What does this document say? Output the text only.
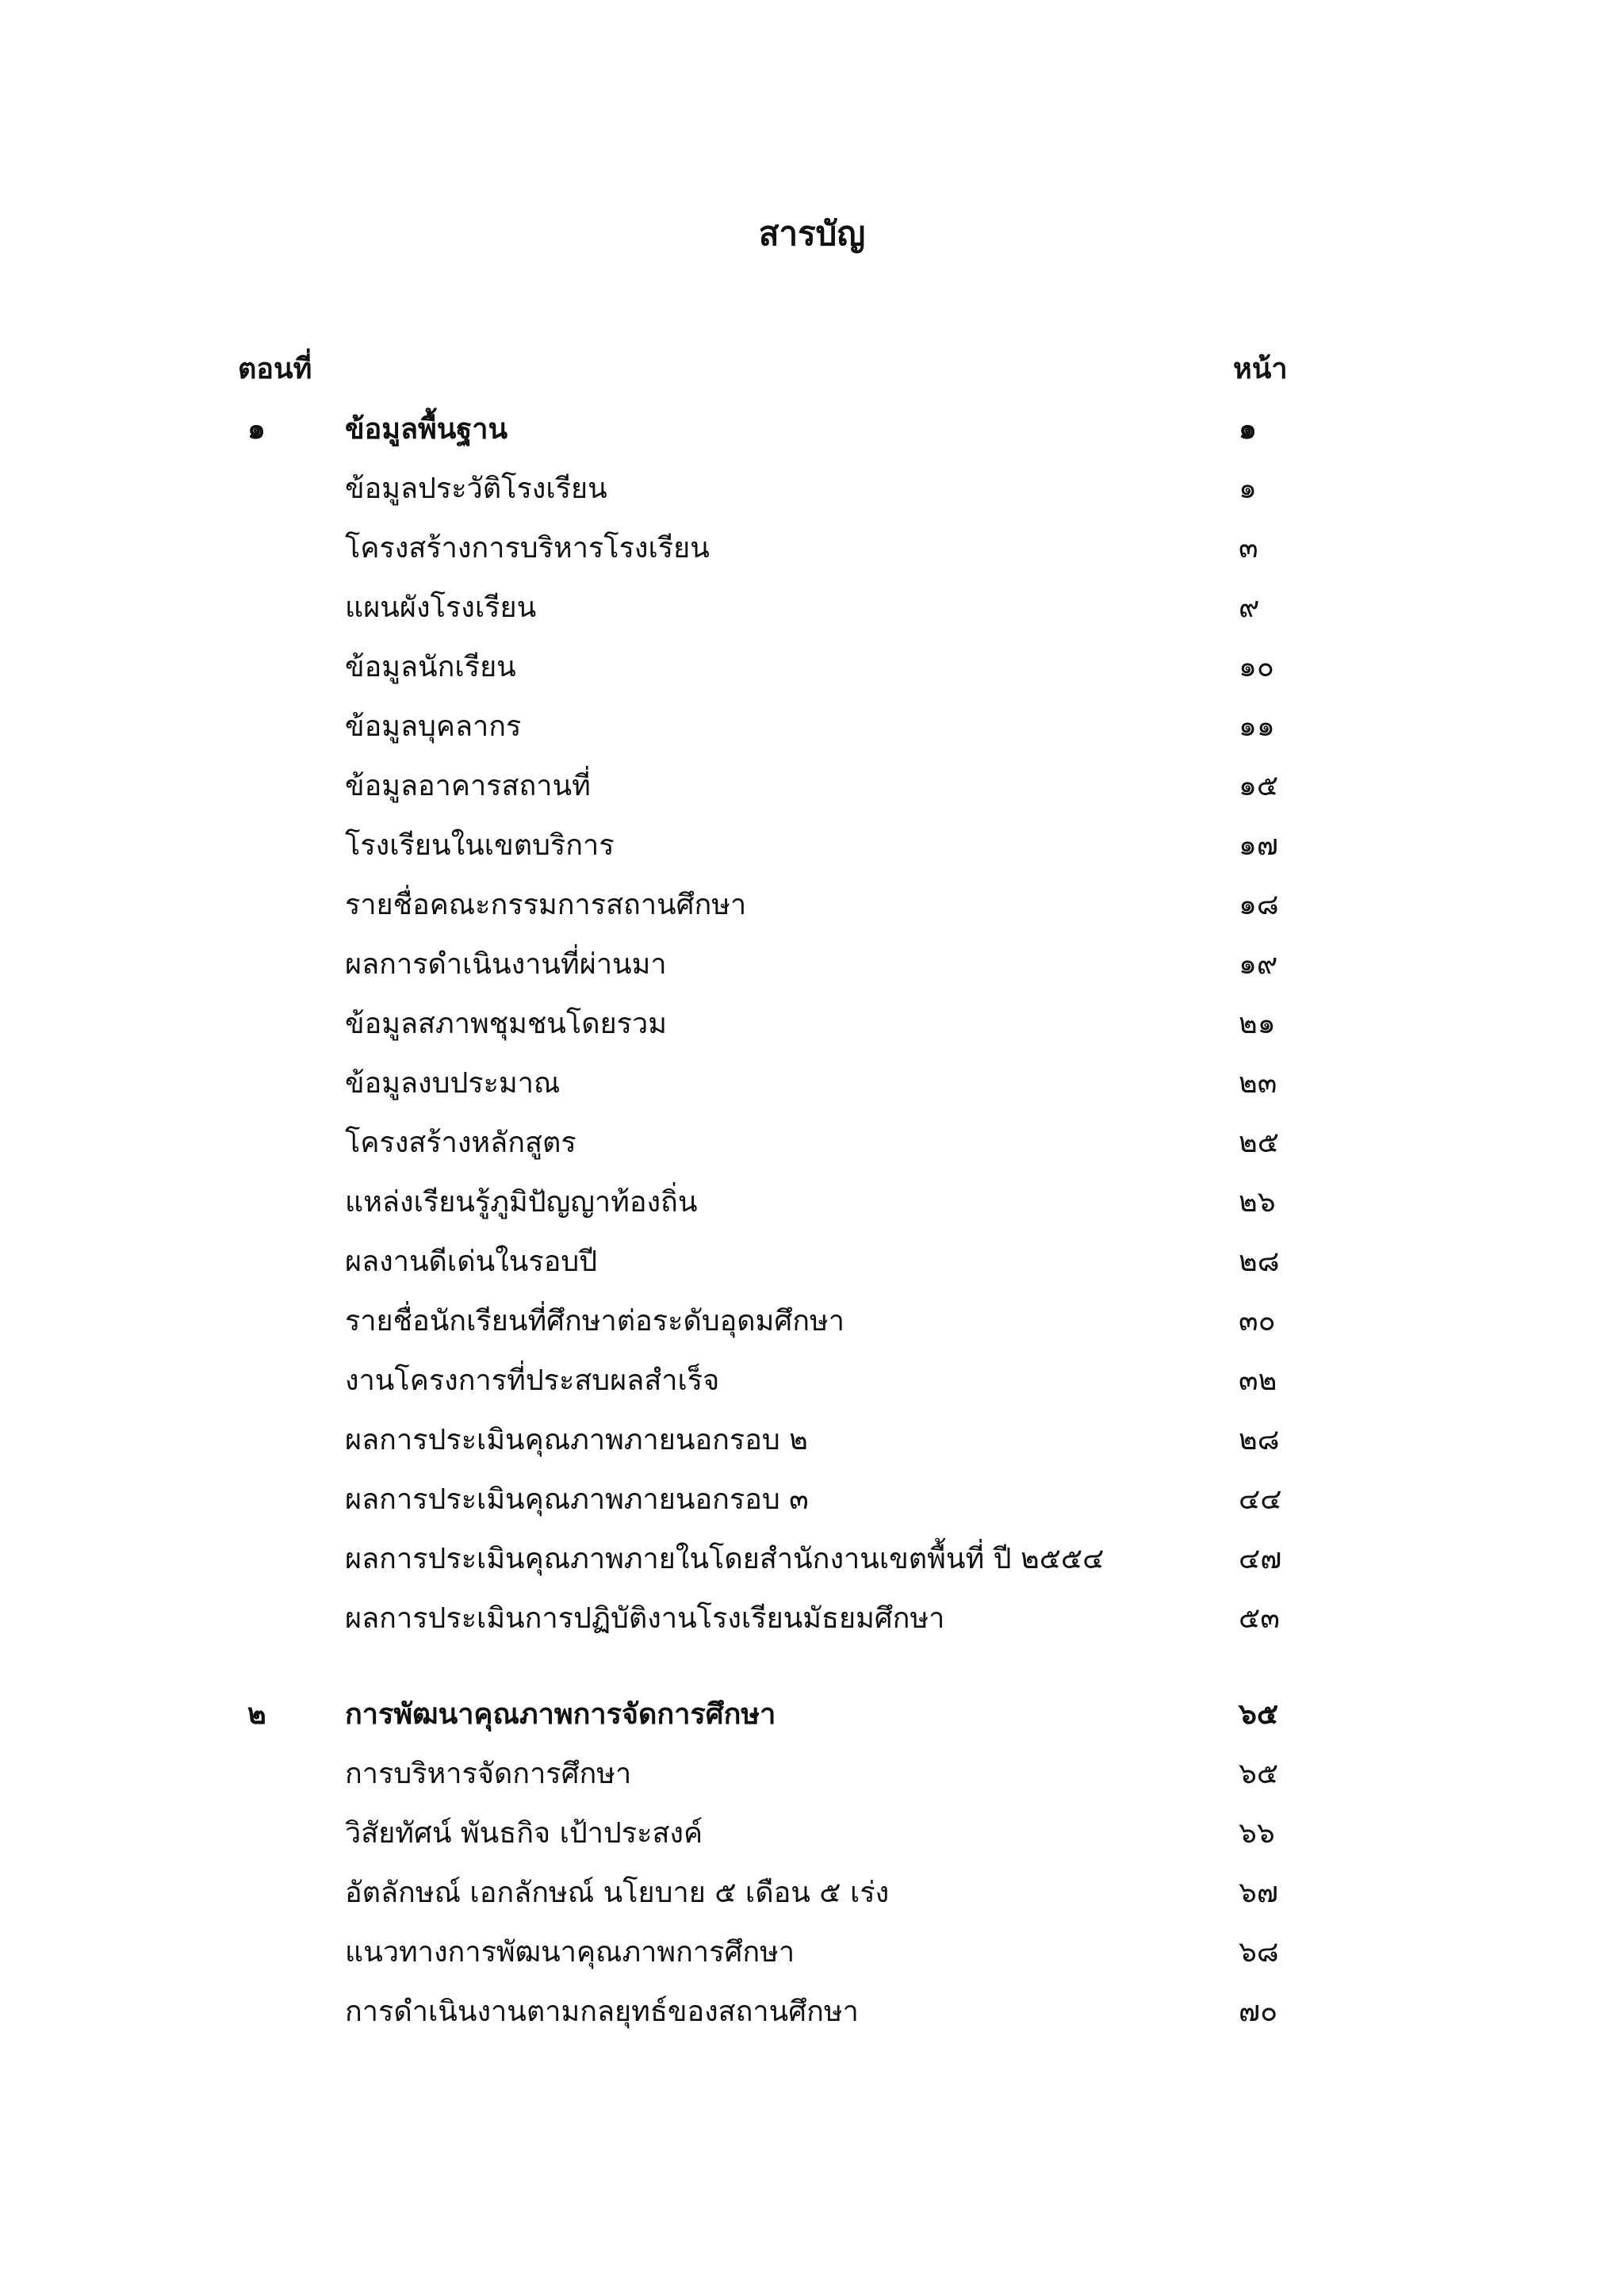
สารบัญ
ตอนที่	หน้า
๑	ข้อมูลพื้นฐาน	๑
ข้อมูลประวัติโรงเรียน	๑
โครงสร้างการบริหารโรงเรียน	๓
แผนผังโรงเรียน	๙
ข้อมูลนักเรียน	๑๐
ข้อมูลบุคลากร	๑๑
ข้อมูลอาคารสถานที่	๑๕
โรงเรียนในเขตบริการ	๑๗
รายชื่อคณะกรรมการสถานศึกษา	๑๘
ผลการดำเนินงานที่ผ่านมา	๑๙
ข้อมูลสภาพชุมชนโดยรวม	๒๑
ข้อมูลงบประมาณ	๒๓
โครงสร้างหลักสูตร	๒๕
แหล่งเรียนรู้ภูมิปัญญาท้องถิ่น	๒๖
ผลงานดีเด่นในรอบปี	๒๘
รายชื่อนักเรียนที่ศึกษาต่อระดับอุดมศึกษา	๓๐
งานโครงการที่ประสบผลสำเร็จ	๓๒
ผลการประเมินคุณภาพภายนอกรอบ ๒	๒๘
ผลการประเมินคุณภาพภายนอกรอบ ๓	๔๔
ผลการประเมินคุณภาพภายในโดยสำนักงานเขตพื้นที่ ปี ๒๕๕๔	๔๗
ผลการประเมินการปฏิบัติงานโรงเรียนมัธยมศึกษา	๕๓
๒	การพัฒนาคุณภาพการจัดการศึกษา	๖๕
การบริหารจัดการศึกษา	๖๕
วิสัยทัศน์ พันธกิจ เป้าประสงค์	๖๖
อัตลักษณ์ เอกลักษณ์ นโยบาย ๕ เดือน ๕ เร่ง	๖๗
แนวทางการพัฒนาคุณภาพการศึกษา	๖๘
การดำเนินงานตามกลยุทธ์ของสถานศึกษา	๗๐
